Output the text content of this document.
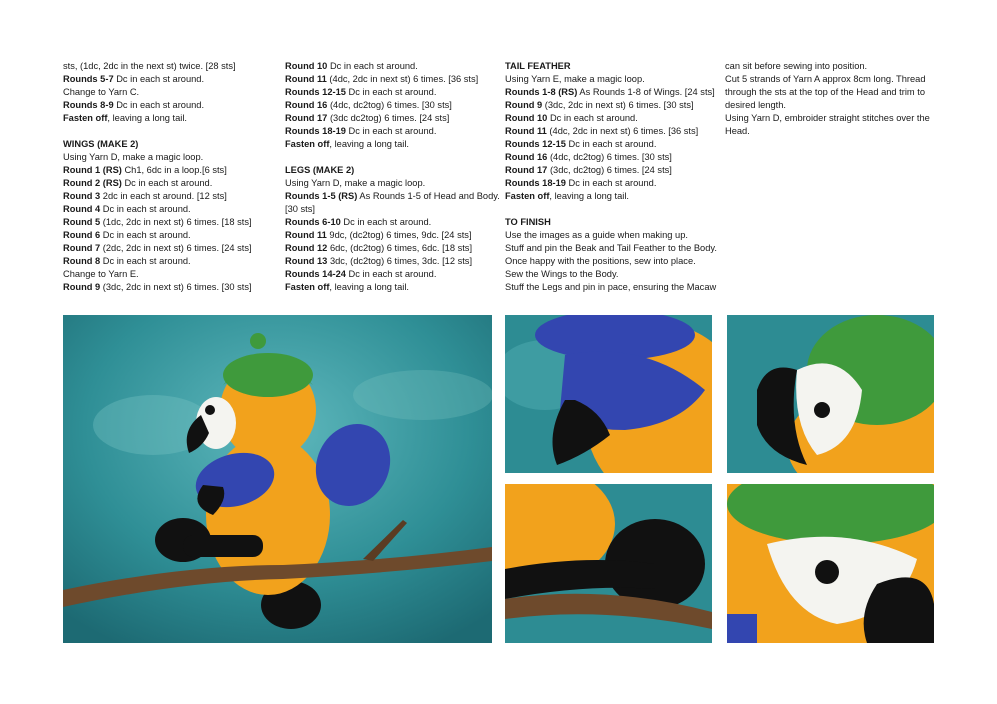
sts, (1dc, 2dc in the next st) twice. [28 sts]

Rounds 5-7 Dc in each st around.

Change to Yarn C.

Rounds 8-9 Dc in each st around.

Fasten off, leaving a long tail.

WINGS (MAKE 2)

Using Yarn D, make a magic loop.

Round 1 (RS) Ch1, 6dc in a loop.[6 sts]

Round 2 (RS) Dc in each st around.

Round 3 2dc in each st around. [12 sts]

Round 4 Dc in each st around.

Round 5 (1dc, 2dc in next st) 6 times. [18 sts]

Round 6 Dc in each st around.

Round 7 (2dc, 2dc in next st) 6 times. [24 sts]

Round 8 Dc in each st around.

Change to Yarn E.

Round 9 (3dc, 2dc in next st) 6 times. [30 sts]

Round 10 Dc in each st around.

Round 11 (4dc, 2dc in next st) 6 times. [36 sts]

Rounds 12-15 Dc in each st around.

Round 16 (4dc, dc2tog) 6 times. [30 sts]

Round 17 (3dc dc2tog) 6 times. [24 sts]

Rounds 18-19 Dc in each st around.

Fasten off, leaving a long tail.

LEGS (MAKE 2)

Using Yarn D, make a magic loop.

Rounds 1-5 (RS) As Rounds 1-5 of Head and Body.

[30 sts]

Rounds 6-10 Dc in each st around.

Round 11 9dc, (dc2tog) 6 times, 9dc. [24 sts]

Round 12 6dc, (dc2tog) 6 times, 6dc. [18 sts]

Round 13 3dc, (dc2tog) 6 times, 3dc. [12 sts]

Rounds 14-24 Dc in each st around.

Fasten off, leaving a long tail.

TAIL FEATHER

Using Yarn E, make a magic loop.

Rounds 1-8 (RS) As Rounds 1-8 of Wings. [24 sts]

Round 9 (3dc, 2dc in next st) 6 times. [30 sts]

Round 10 Dc in each st around.

Round 11 (4dc, 2dc in next st) 6 times. [36 sts]

Rounds 12-15 Dc in each st around.

Round 16 (4dc, dc2tog) 6 times. [30 sts]

Round 17 (3dc, dc2tog) 6 times. [24 sts]

Rounds 18-19 Dc in each st around.

Fasten off, leaving a long tail.

TO FINISH

Use the images as a guide when making up.

Stuff and pin the Beak and Tail Feather to the Body.

Once happy with the positions, sew into place.

Sew the Wings to the Body.

Stuff the Legs and pin in pace, ensuring the Macaw

can sit before sewing into position.

Cut 5 strands of Yarn A approx 8cm long. Thread

through the sts at the top of the Head and trim to

desired length.

Using Yarn D, embroider straight stitches over the

Head.
